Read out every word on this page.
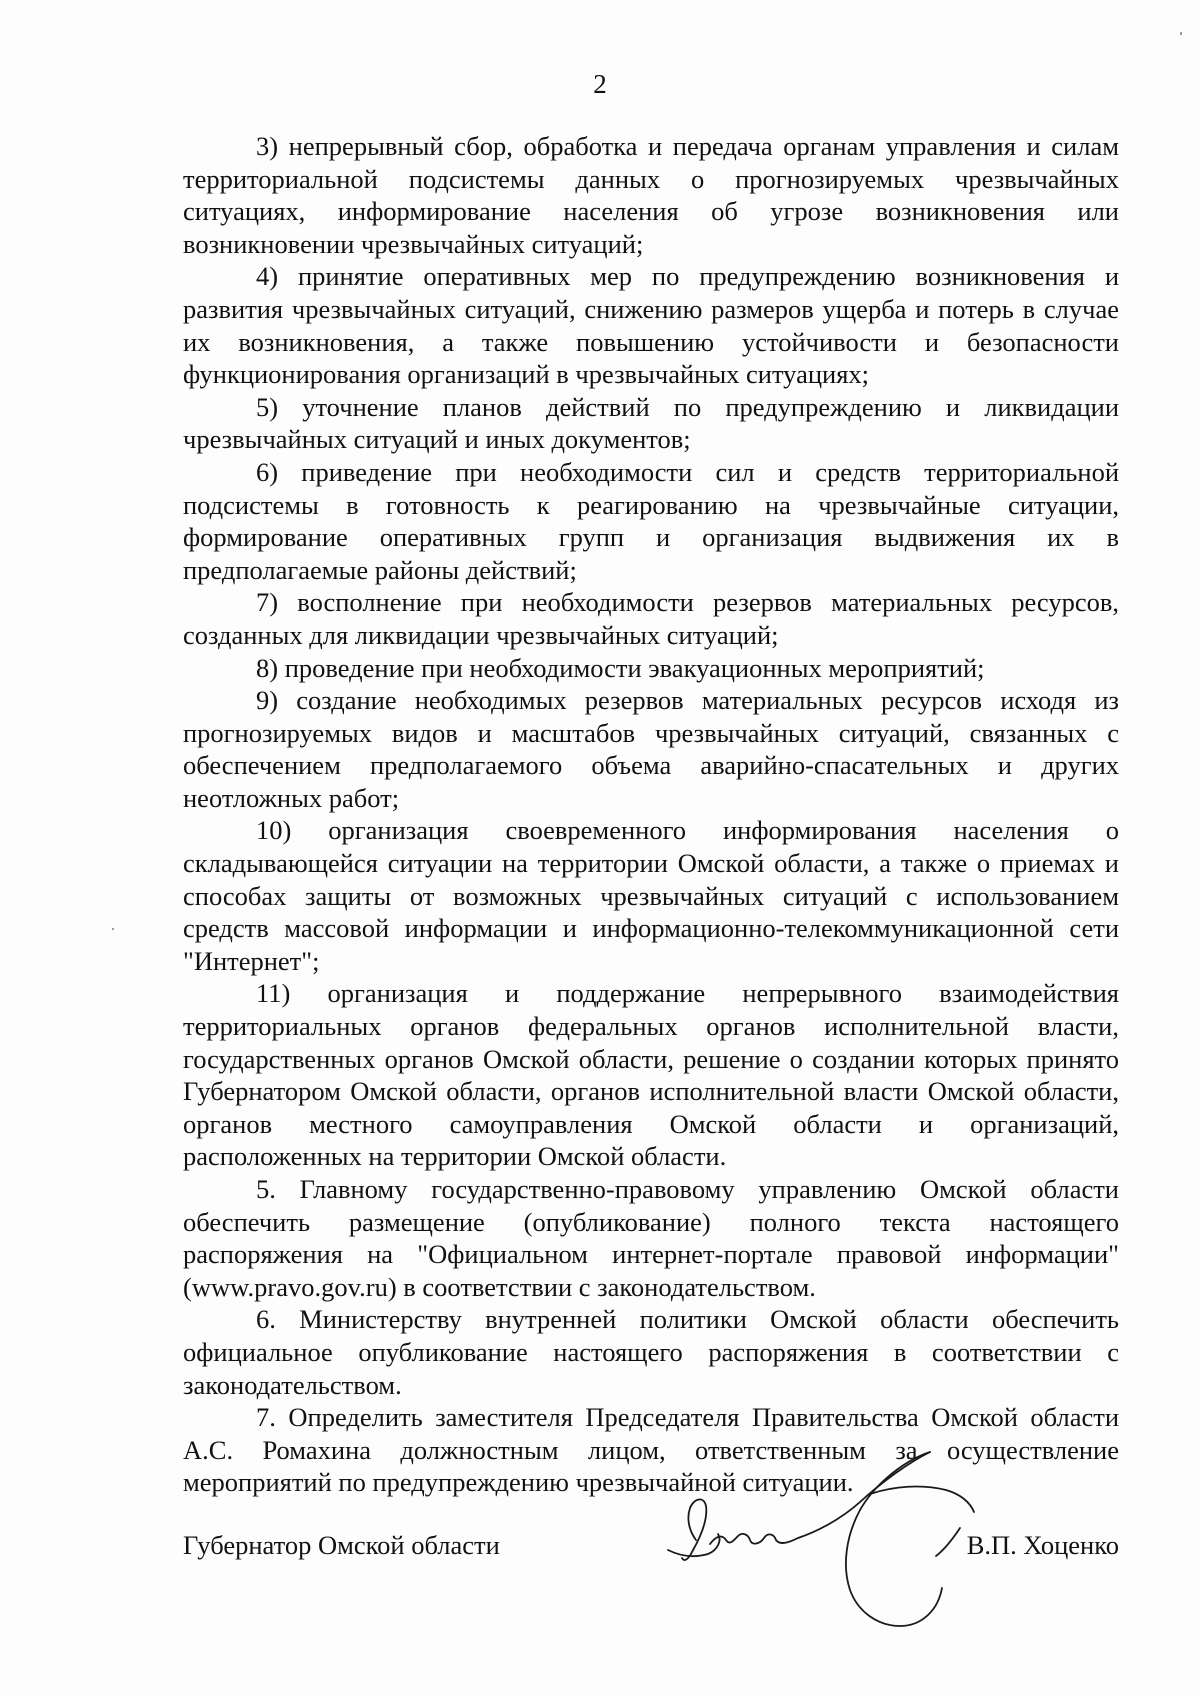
2

3) непрерывный сбор, обработка и передача органам управления и силам территориальной подсистемы данных о прогнозируемых чрезвычайных ситуациях, информирование населения об угрозе возникновения или возникновении чрезвычайных ситуаций;

4) принятие оперативных мер по предупреждению возникновения и развития чрезвычайных ситуаций, снижению размеров ущерба и потерь в случае их возникновения, а также повышению устойчивости и безопасности функционирования организаций в чрезвычайных ситуациях;

5) уточнение планов действий по предупреждению и ликвидации чрезвычайных ситуаций и иных документов;

6) приведение при необходимости сил и средств территориальной подсистемы в готовность к реагированию на чрезвычайные ситуации, формирование оперативных групп и организация выдвижения их в предполагаемые районы действий;

7) восполнение при необходимости резервов материальных ресурсов, созданных для ликвидации чрезвычайных ситуаций;

8) проведение при необходимости эвакуационных мероприятий;

9) создание необходимых резервов материальных ресурсов исходя из прогнозируемых видов и масштабов чрезвычайных ситуаций, связанных с обеспечением предполагаемого объема аварийно-спасательных и других неотложных работ;

10) организация своевременного информирования населения о складывающейся ситуации на территории Омской области, а также о приемах и способах защиты от возможных чрезвычайных ситуаций с использованием средств массовой информации и информационно-телекоммуникационной сети "Интернет";

11) организация и поддержание непрерывного взаимодействия территориальных органов федеральных органов исполнительной власти, государственных органов Омской области, решение о создании которых принято Губернатором Омской области, органов исполнительной власти Омской области, органов местного самоуправления Омской области и организаций, расположенных на территории Омской области.

5. Главному государственно-правовому управлению Омской области обеспечить размещение (опубликование) полного текста настоящего распоряжения на "Официальном интернет-портале правовой информации" (www.pravo.gov.ru) в соответствии с законодательством.

6. Министерству внутренней политики Омской области обеспечить официальное опубликование настоящего распоряжения в соответствии с законодательством.

7. Определить заместителя Председателя Правительства Омской области А.С. Ромахина должностным лицом, ответственным за осуществление мероприятий по предупреждению чрезвычайной ситуации.

Губернатор Омской области	В.П. Хоценко
